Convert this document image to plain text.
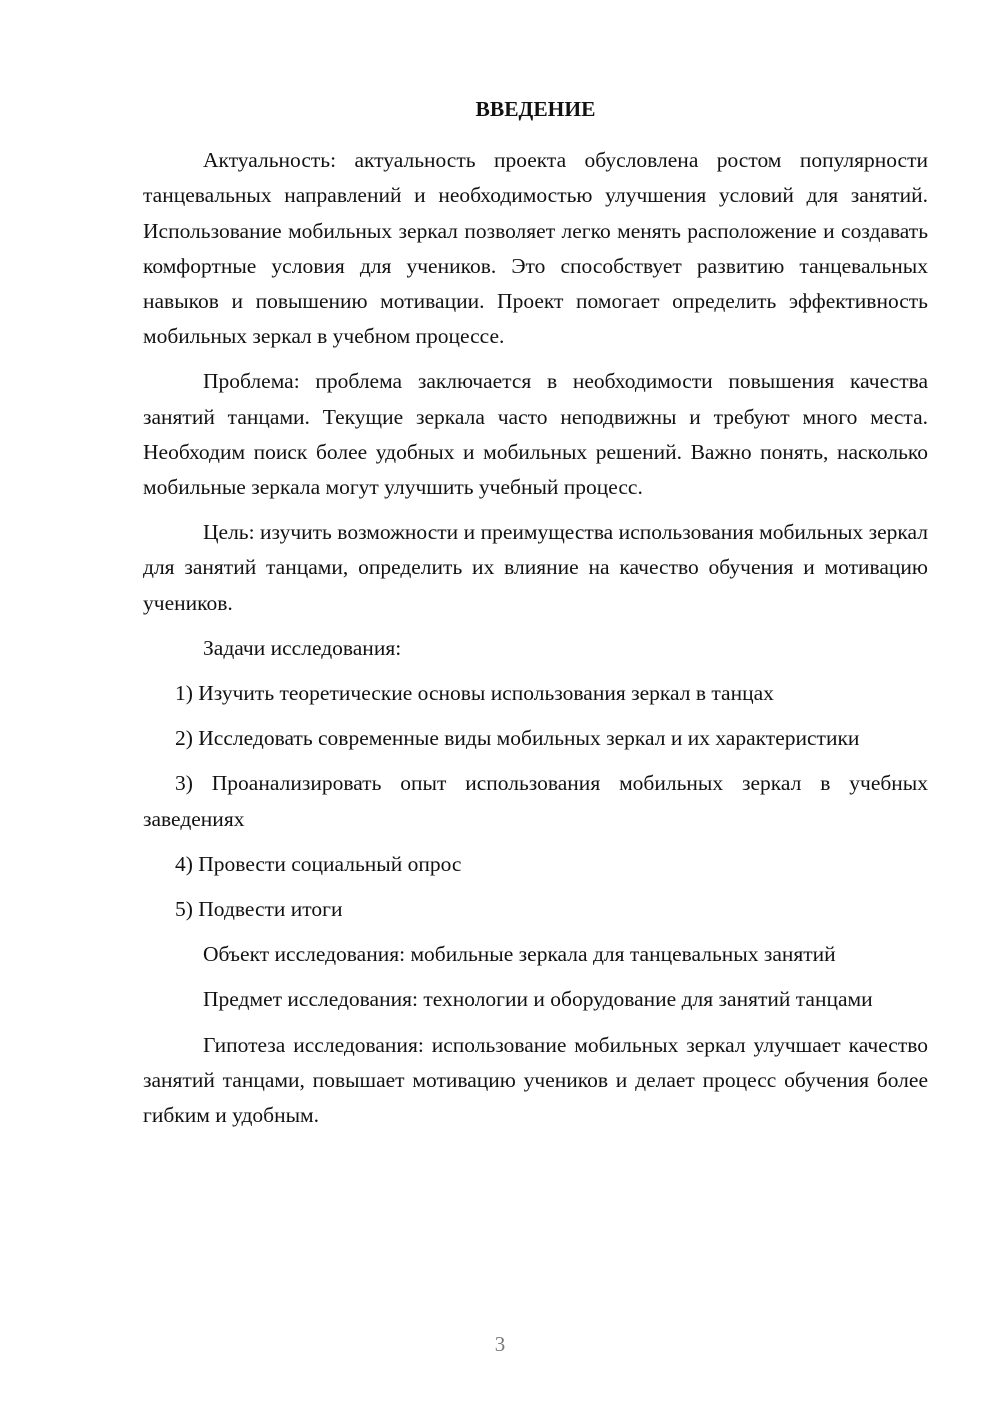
ВВЕДЕНИЕ

Актуальность: актуальность проекта обусловлена ростом популярности танцевальных направлений и необходимостью улучшения условий для занятий. Использование мобильных зеркал позволяет легко менять расположение и создавать комфортные условия для учеников. Это способствует развитию танцевальных навыков и повышению мотивации. Проект помогает определить эффективность мобильных зеркал в учебном процессе.

Проблема: проблема заключается в необходимости повышения качества занятий танцами. Текущие зеркала часто неподвижны и требуют много места. Необходим поиск более удобных и мобильных решений. Важно понять, насколько мобильные зеркала могут улучшить учебный процесс.

Цель: изучить возможности и преимущества использования мобильных зеркал для занятий танцами, определить их влияние на качество обучения и мотивацию учеников.

Задачи исследования:

1) Изучить теоретические основы использования зеркал в танцах

2) Исследовать современные виды мобильных зеркал и их характеристики

3) Проанализировать опыт использования мобильных зеркал в учебных заведениях

4) Провести социальный опрос

5) Подвести итоги

Объект исследования: мобильные зеркала для танцевальных занятий

Предмет исследования: технологии и оборудование для занятий танцами

Гипотеза исследования: использование мобильных зеркал улучшает качество занятий танцами, повышает мотивацию учеников и делает процесс обучения более гибким и удобным.

3
